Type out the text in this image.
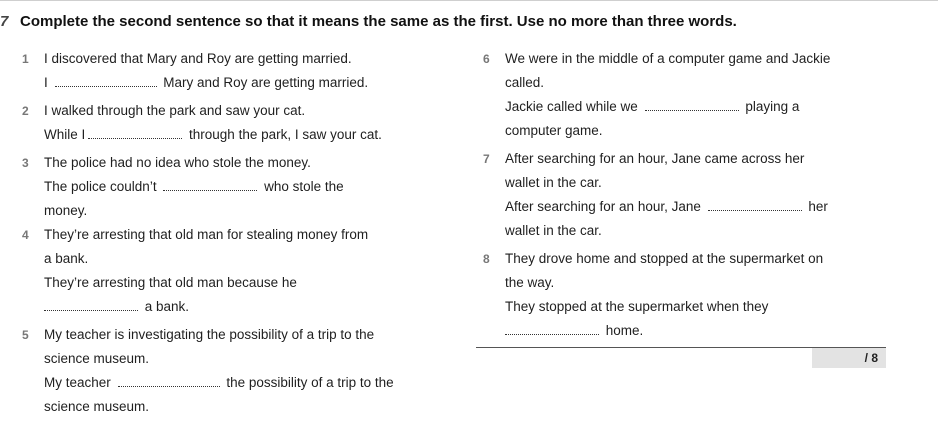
7 Complete the second sentence so that it means the same as the first. Use no more than three words.
1 I discovered that Mary and Roy are getting married.
I	Mary and Roy are getting married.
2 I walked through the park and saw your cat.
While I	through the park, I saw your cat.
3 The police had no idea who stole the money.
The police couldn’t	who stole the
money.
4 They’re arresting that old man for stealing money from
a bank.
They’re arresting that old man because he
a bank.
5 My teacher is investigating the possibility of a trip to the
science museum.
My teacher	the possibility of a trip to the
science museum.
6 We were in the middle of a computer game and Jackie
called.
Jackie called while we	playing a
computer game.
7 After searching for an hour, Jane came across her
wallet in the car.
After searching for an hour, Jane	her
wallet in the car.
8 They drove home and stopped at the supermarket on
the way.
They stopped at the supermarket when they
home.
/ 8
